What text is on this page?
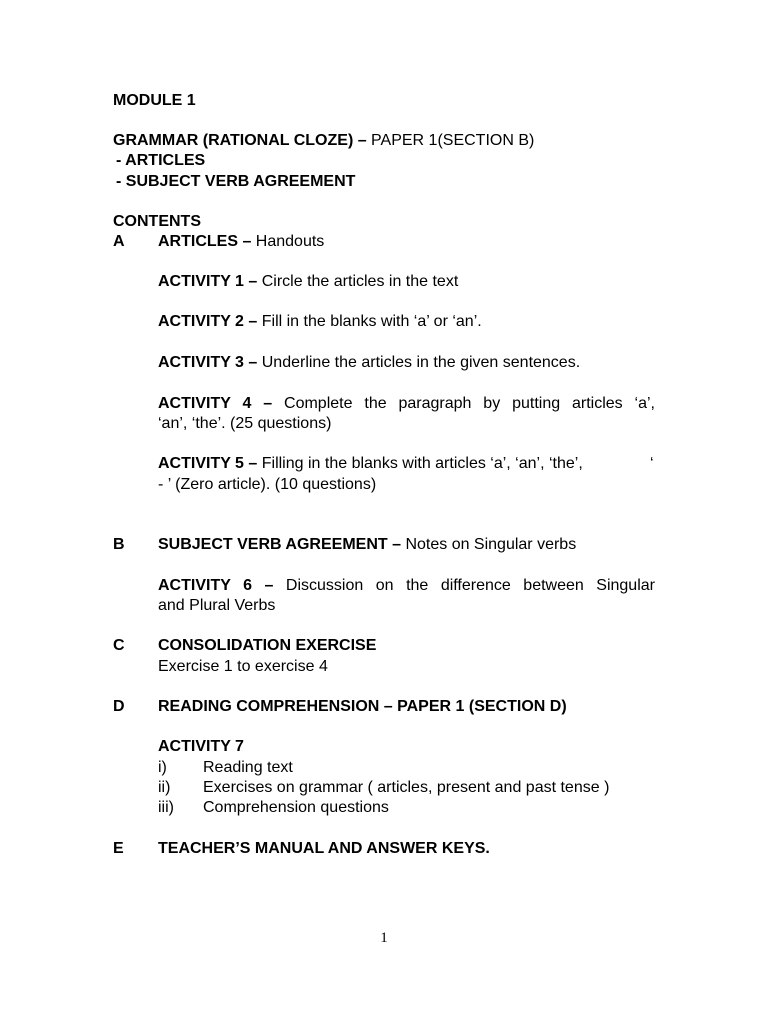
MODULE 1
GRAMMAR (RATIONAL CLOZE) – PAPER 1(SECTION B)
- ARTICLES
- SUBJECT VERB AGREEMENT
CONTENTS
A ARTICLES – Handouts
ACTIVITY 1 – Circle the articles in the text
ACTIVITY 2 – Fill in the blanks with ‘a’ or ‘an’.
ACTIVITY 3 – Underline the articles in the given sentences.
ACTIVITY 4 – Complete the paragraph by putting articles ‘a’,
‘an’, ‘the’. (25 questions)
ACTIVITY 5 – Filling in the blanks with articles ‘a’, ‘an’, ‘the’,	‘
- ’ (Zero article). (10 questions)
B SUBJECT VERB AGREEMENT – Notes on Singular verbs
ACTIVITY 6 – Discussion on the difference between Singular
and Plural Verbs
C CONSOLIDATION EXERCISE
Exercise 1 to exercise 4
D READING COMPREHENSION – PAPER 1 (SECTION D)
ACTIVITY 7
i) Reading text
ii) Exercises on grammar ( articles, present and past tense )
iii) Comprehension questions
E TEACHER’S MANUAL AND ANSWER KEYS.
1
